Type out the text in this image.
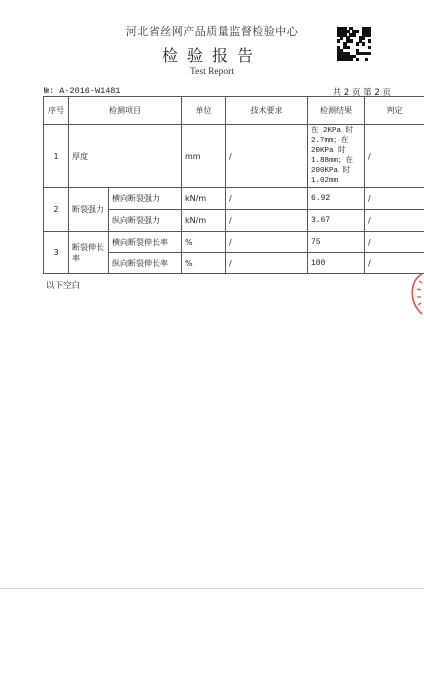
河北省丝网产品质量监督检验中心
检验报告
Test Report
№: A-2016-W1481	共 2 页 第 2 页
序号	检测项目		单位	技术要求	检测结果	判定
1	厚度		mm	/	在 2KPa 时 2.7mm；在 20KPa 时 1.88mm；在 200KPa 时 1.02mm	/
2	断裂强力	横向断裂强力	kN/m	/	6.92	/
		纵向断裂强力	kN/m	/	3.67	/
3	断裂伸长率	横向断裂伸长率	%	/	75	/
		纵向断裂伸长率	%	/	100	/
以下空白
